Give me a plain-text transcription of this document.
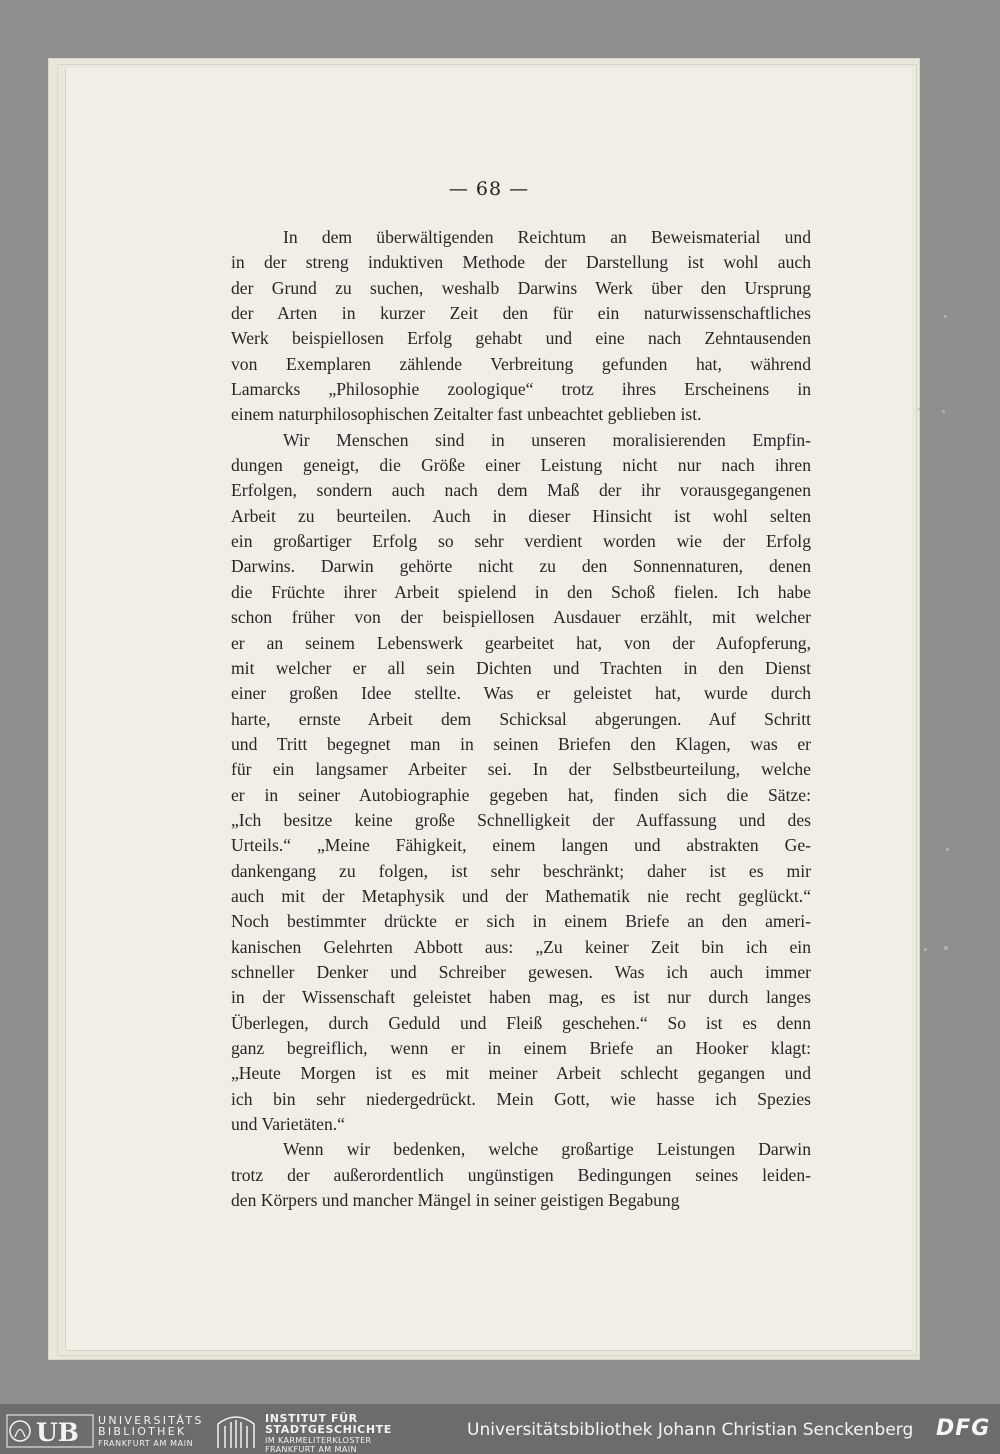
— 68 —
In dem überwältigenden Reichtum an Beweismaterial und
in der streng induktiven Methode der Darstellung ist wohl auch
der Grund zu suchen, weshalb Darwins Werk über den Ursprung
der Arten in kurzer Zeit den für ein naturwissenschaftliches
Werk beispiellosen Erfolg gehabt und eine nach Zehntausenden
von Exemplaren zählende Verbreitung gefunden hat, während
Lamarcks „Philosophie zoologique“ trotz ihres Erscheinens in
einem naturphilosophischen Zeitalter fast unbeachtet geblieben ist.
Wir Menschen sind in unseren moralisierenden Empfin-
dungen geneigt, die Größe einer Leistung nicht nur nach ihren
Erfolgen, sondern auch nach dem Maß der ihr vorausgegangenen
Arbeit zu beurteilen. Auch in dieser Hinsicht ist wohl selten
ein großartiger Erfolg so sehr verdient worden wie der Erfolg
Darwins. Darwin gehörte nicht zu den Sonnennaturen, denen
die Früchte ihrer Arbeit spielend in den Schoß fielen. Ich habe
schon früher von der beispiellosen Ausdauer erzählt, mit welcher
er an seinem Lebenswerk gearbeitet hat, von der Aufopferung,
mit welcher er all sein Dichten und Trachten in den Dienst
einer großen Idee stellte. Was er geleistet hat, wurde durch
harte, ernste Arbeit dem Schicksal abgerungen. Auf Schritt
und Tritt begegnet man in seinen Briefen den Klagen, was er
für ein langsamer Arbeiter sei. In der Selbstbeurteilung, welche
er in seiner Autobiographie gegeben hat, finden sich die Sätze:
„Ich besitze keine große Schnelligkeit der Auffassung und des
Urteils.“ „Meine Fähigkeit, einem langen und abstrakten Ge-
dankengang zu folgen, ist sehr beschränkt; daher ist es mir
auch mit der Metaphysik und der Mathematik nie recht geglückt.“
Noch bestimmter drückte er sich in einem Briefe an den ameri-
kanischen Gelehrten Abbott aus: „Zu keiner Zeit bin ich ein
schneller Denker und Schreiber gewesen. Was ich auch immer
in der Wissenschaft geleistet haben mag, es ist nur durch langes
Überlegen, durch Geduld und Fleiß geschehen.“ So ist es denn
ganz begreiflich, wenn er in einem Briefe an Hooker klagt:
„Heute Morgen ist es mit meiner Arbeit schlecht gegangen und
ich bin sehr niedergedrückt. Mein Gott, wie hasse ich Spezies
und Varietäten.“
Wenn wir bedenken, welche großartige Leistungen Darwin
trotz der außerordentlich ungünstigen Bedingungen seines leiden-
den Körpers und mancher Mängel in seiner geistigen Begabung
UB UNIVERSITÄTS
BIBLIOTHEK
FRANKFURT AM MAIN
INSTITUT FÜR
STADTGESCHICHTE
IM KARMELITERKLOSTER
FRANKFURT AM MAIN
Universitätsbibliothek Johann Christian Senckenberg DFG
